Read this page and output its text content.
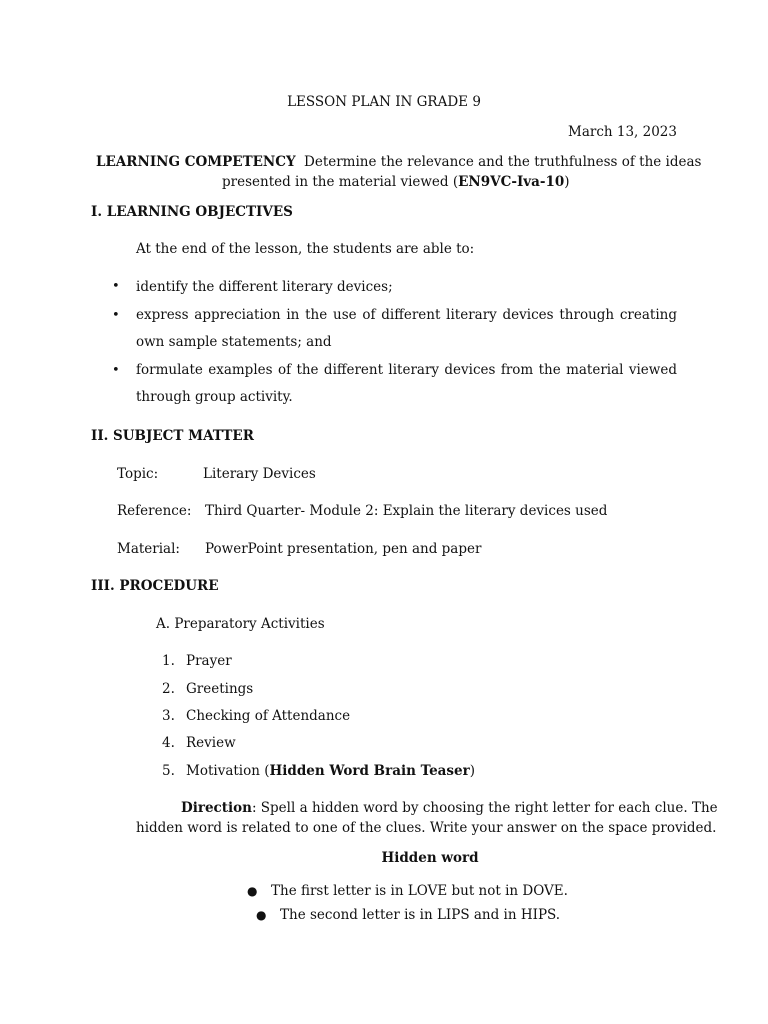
LESSON PLAN IN GRADE 9
March 13, 2023
LEARNING COMPETENCY Determine the relevance and the truthfulness of the ideas
presented in the material viewed (EN9VC-Iva-10)
I. LEARNING OBJECTIVES
At the end of the lesson, the students are able to:
• identify the different literary devices;
• express appreciation in the use of different literary devices through creating own sample statements; and
• formulate examples of the different literary devices from the material viewed through group activity.
II. SUBJECT MATTER
Topic:	Literary Devices
Reference: Third Quarter- Module 2: Explain the literary devices used
Material: PowerPoint presentation, pen and paper
III. PROCEDURE
A. Preparatory Activities
1. Prayer
2. Greetings
3. Checking of Attendance
4. Review
5. Motivation (Hidden Word Brain Teaser)
Direction: Spell a hidden word by choosing the right letter for each clue. The
hidden word is related to one of the clues. Write your answer on the space provided.
Hidden word
● The first letter is in LOVE but not in DOVE.
● The second letter is in LIPS and in HIPS.
